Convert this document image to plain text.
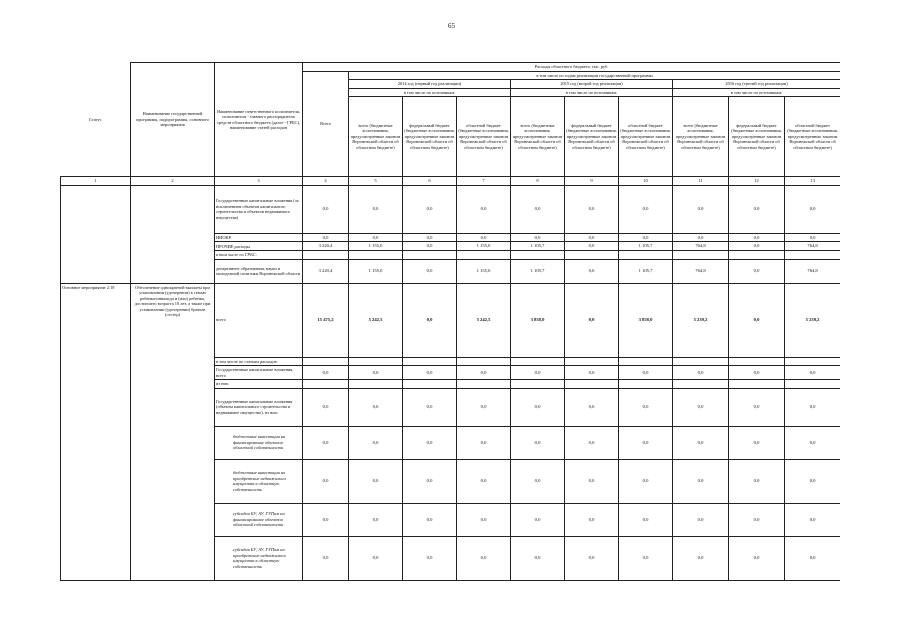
65
Статус	Наименование государственной программы, подпрограммы, основного мероприятия	Наименование ответственного исполнителя, исполнителя - главного распорядителя средств областного бюджета (далее - ГРБС), наименование статей расходов	Расходы областного бюджета, тыс. руб.									
			Всего	в том числе по годам реализации государственной программы								
				2014 год (первый год реализации)			2015 год (второй год реализации)			2016 год (третий год реализации)		
				в том числе по источникам:			в том числе по источникам:			в том числе по источникам:		
				всего (бюджетные ассигнования, предусмотренные законом Воронежской области об областном бюджете)	федеральный бюджет (бюджетные ассигнования, предусмотренные законом Воронежской области об областном бюджете)	областной бюджет (бюджетные ассигнования, предусмотренные законом Воронежской области об областном бюджете)	всего (бюджетные ассигнования, предусмотренные законом Воронежской области об областном бюджете)	федеральный бюджет (бюджетные ассигнования, предусмотренные законом Воронежской области об областном бюджете)	областной бюджет (бюджетные ассигнования, предусмотренные законом Воронежской области об областном бюджете)	всего (бюджетные ассигнования, предусмотренные законом Воронежской области об областном бюджете)	федеральный бюджет (бюджетные ассигнования, предусмотренные законом Воронежской области об областном бюджете)	областной бюджет (бюджетные ассигнования, предусмотренные законом Воронежской области об областном бюджете)
1	2	3	4	5	6	7	8	9	10	11	12	13
		Государственные капитальные вложения (за исключением объектов капитального строительства и объектов недвижимого имущества)	0,0	0,0	0,0	0,0	0,0	0,0	0,0	0,0	0,0	0,0
		НИОКР	0,0	0,0	0,0	0,0	0,0	0,0	0,0	0,0	0,0	0,0
		ПРОЧИЕ расходы	3 220,4	1 155,0	0,0	1 155,0	1 105,7	0,0	1 105,7	764,8	0,0	764,8
		в том числе по ГРБС:										
		департамент образования, науки и молодежной политики Воронежской области	3 220,4	1 155,0	0,0	1 155,0	1 105,7	0,0	1 105,7	764,8	0,0	764,8
Основное мероприятие 2.18	Обеспечение однократной выплаты при усыновлении (удочерении) в семью ребенка-инвалида и (или) ребенка, достигшего возраста 10 лет, а также при усыновлении (удочерении) братьев (сестер)	всего	15 475,2	5 242,5	0,0	5 242,5	3 858,0	0,0	3 858,0	5 239,2	0,0	5 239,2
		в том числе по статьям расходов:										
		Государственные капитальные вложения, всего	0,0	0,0	0,0	0,0	0,0	0,0	0,0	0,0	0,0	0,0
		из них:										
		Государственные капитальные вложения (объекты капитального строительства и недвижимое имущество), из них:	0,0	0,0	0,0	0,0	0,0	0,0	0,0	0,0	0,0	0,0
		бюджетные инвестиции на финансирование объектов областной собственности	0,0	0,0	0,0	0,0	0,0	0,0	0,0	0,0	0,0	0,0
		бюджетные инвестиции на приобретение недвижимого имущества в областную собственность	0,0	0,0	0,0	0,0	0,0	0,0	0,0	0,0	0,0	0,0
		субсидии БУ, АУ, ГУПам на финансирование объектов областной собственности	0,0	0,0	0,0	0,0	0,0	0,0	0,0	0,0	0,0	0,0
		субсидии БУ, АУ, ГУПам на приобретение недвижимого имущества в областную собственность	0,0	0,0	0,0	0,0	0,0	0,0	0,0	0,0	0,0	0,0
